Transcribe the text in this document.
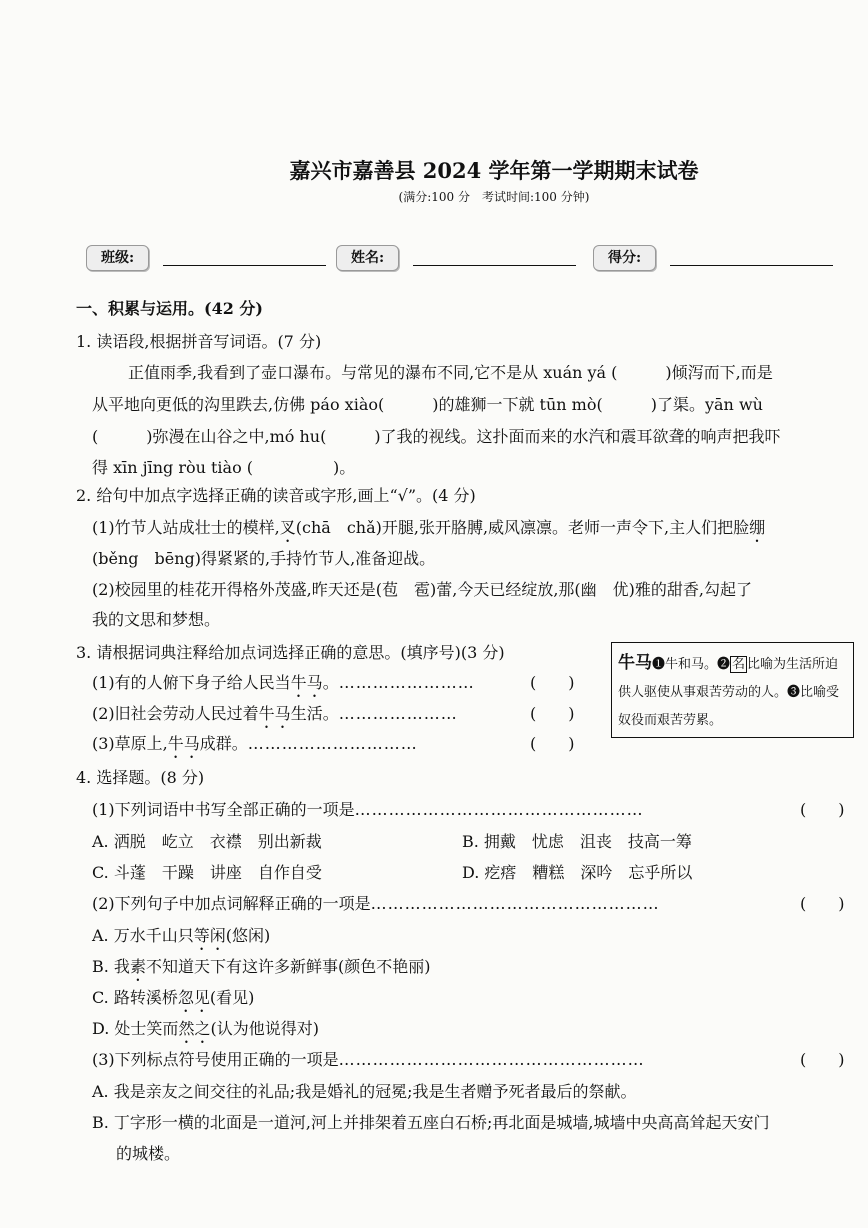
嘉兴市嘉善县 2024 学年第一学期期末试卷
(满分:100 分　考试时间:100 分钟)
班级:	姓名:	得分:
一、积累与运用。(42 分)
1. 读语段,根据拼音写词语。(7 分)
正值雨季,我看到了壶口瀑布。与常见的瀑布不同,它不是从 xuán yá (　　　)倾泻而下,而是
从平地向更低的沟里跌去,仿佛 páo xiào(　　　)的雄狮一下就 tūn mò(　　　)了渠。yān wù
(　　　)弥漫在山谷之中,mó hu(　　　)了我的视线。这扑面而来的水汽和震耳欲聋的响声把我吓
得 xīn jīng ròu tiào (　　　　　)。
2. 给句中加点字选择正确的读音或字形,画上“√”。(4 分)
(1)竹节人站成壮士的模样,叉(chā　chǎ)开腿,张开胳膊,威风凛凛。老师一声令下,主人们把脸绷
(běng　bēng)得紧紧的,手持竹节人,准备迎战。
(2)校园里的桂花开得格外茂盛,昨天还是(苞　雹)蕾,今天已经绽放,那(幽　优)雅的甜香,勾起了
我的文思和梦想。
3. 请根据词典注释给加点词选择正确的意思。(填序号)(3 分)
(1)有的人俯下身子给人民当牛马。……………………	(　　)
(2)旧社会劳动人民过着牛马生活。…………………	(　　)
(3)草原上,牛马成群。…………………………	(　　)
牛马❶牛和马。❷ 名 比喻为生活所迫供人驱使从事艰苦劳动的人。❸比喻受奴役而艰苦劳累。
4. 选择题。(8 分)
(1)下列词语中书写全部正确的一项是……………………………………………	(　　)
A. 洒脱　屹立　衣襟　别出新裁	B. 拥戴　忧虑　沮丧　技高一筹
C. 斗蓬　干躁　讲座　自作自受	D. 疙瘩　糟糕　深吟　忘乎所以
(2)下列句子中加点词解释正确的一项是……………………………………………	(　　)
A. 万水千山只等闲(悠闲)
B. 我素不知道天下有这许多新鲜事(颜色不艳丽)
C. 路转溪桥忽见(看见)
D. 处士笑而然之(认为他说得对)
(3)下列标点符号使用正确的一项是………………………………………………	(　　)
A. 我是亲友之间交往的礼品;我是婚礼的冠冕;我是生者赠予死者最后的祭献。
B. 丁字形一横的北面是一道河,河上并排架着五座白石桥;再北面是城墙,城墙中央高高耸起天安门
的城楼。
